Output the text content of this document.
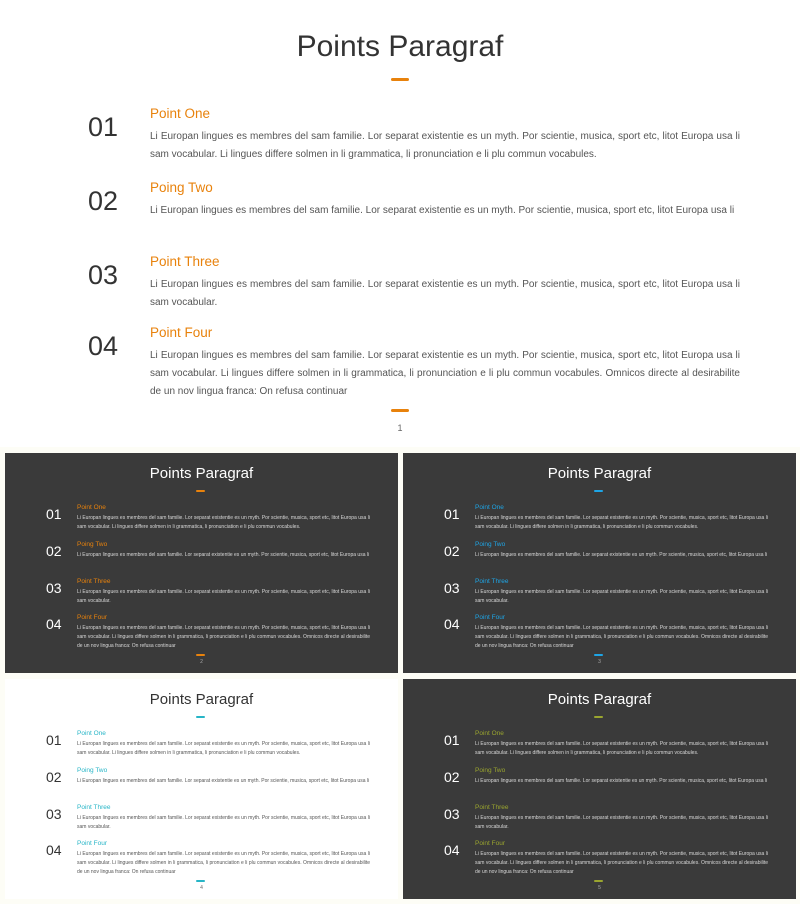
Points Paragraf
01 Point One
Li Europan lingues es membres del sam familie. Lor separat existentie es un myth. Por scientie, musica, sport etc, litot Europa usa li sam vocabular. Li lingues differe solmen in li grammatica, li pronunciation e li plu commun vocabules.
02 Poing Two
Li Europan lingues es membres del sam familie. Lor separat existentie es un myth. Por scientie, musica, sport etc, litot Europa usa li
03 Point Three
Li Europan lingues es membres del sam familie. Lor separat existentie es un myth. Por scientie, musica, sport etc, litot Europa usa li sam vocabular.
04 Point Four
Li Europan lingues es membres del sam familie. Lor separat existentie es un myth. Por scientie, musica, sport etc, litot Europa usa li sam vocabular. Li lingues differe solmen in li grammatica, li pronunciation e li plu commun vocabules. Omnicos directe al desirabilite de un nov lingua franca: On refusa continuar
1
Points Paragraf
01 Point One
Li Europan lingues es membres del sam familie. Lor separat existentie es un myth. Por scientie, musica, sport etc, litot Europa usa li sam vocabular. Li lingues differe solmen in li grammatica, li pronunciation e li plu commun vocabules.
02 Poing Two
Li Europan lingues es membres del sam familie. Lor separat existentie es un myth. Por scientie, musica, sport etc, litot Europa usa li
03 Point Three
Li Europan lingues es membres del sam familie. Lor separat existentie es un myth. Por scientie, musica, sport etc, litot Europa usa li sam vocabular.
04 Point Four
Li Europan lingues es membres del sam familie. Lor separat existentie es un myth. Por scientie, musica, sport etc, litot Europa usa li sam vocabular. Li lingues differe solmen in li grammatica, li pronunciation e li plu commun vocabules. Omnicos directe al desirabilite de un nov lingua franca: On refusa continuar
2
Points Paragraf
01 Point One
Li Europan lingues es membres del sam familie. Lor separat existentie es un myth. Por scientie, musica, sport etc, litot Europa usa li sam vocabular. Li lingues differe solmen in li grammatica, li pronunciation e li plu commun vocabules.
02 Poing Two
Li Europan lingues es membres del sam familie. Lor separat existentie es un myth. Por scientie, musica, sport etc, litot Europa usa li
03 Point Three
Li Europan lingues es membres del sam familie. Lor separat existentie es un myth. Por scientie, musica, sport etc, litot Europa usa li sam vocabular.
04 Point Four
Li Europan lingues es membres del sam familie. Lor separat existentie es un myth. Por scientie, musica, sport etc, litot Europa usa li sam vocabular. Li lingues differe solmen in li grammatica, li pronunciation e li plu commun vocabules. Omnicos directe al desirabilite de un nov lingua franca: On refusa continuar
3
Points Paragraf
01 Point One
Li Europan lingues es membres del sam familie. Lor separat existentie es un myth. Por scientie, musica, sport etc, litot Europa usa li sam vocabular. Li lingues differe solmen in li grammatica, li pronunciation e li plu commun vocabules.
02 Poing Two
Li Europan lingues es membres del sam familie. Lor separat existentie es un myth. Por scientie, musica, sport etc, litot Europa usa li
03 Point Three
Li Europan lingues es membres del sam familie. Lor separat existentie es un myth. Por scientie, musica, sport etc, litot Europa usa li sam vocabular.
04 Point Four
Li Europan lingues es membres del sam familie. Lor separat existentie es un myth. Por scientie, musica, sport etc, litot Europa usa li sam vocabular. Li lingues differe solmen in li grammatica, li pronunciation e li plu commun vocabules. Omnicos directe al desirabilite de un nov lingua franca: On refusa continuar
4
Points Paragraf
01 Point One
Li Europan lingues es membres del sam familie. Lor separat existentie es un myth. Por scientie, musica, sport etc, litot Europa usa li sam vocabular. Li lingues differe solmen in li grammatica, li pronunciation e li plu commun vocabules.
02 Poing Two
Li Europan lingues es membres del sam familie. Lor separat existentie es un myth. Por scientie, musica, sport etc, litot Europa usa li
03 Point Three
Li Europan lingues es membres del sam familie. Lor separat existentie es un myth. Por scientie, musica, sport etc, litot Europa usa li sam vocabular.
04 Point Four
Li Europan lingues es membres del sam familie. Lor separat existentie es un myth. Por scientie, musica, sport etc, litot Europa usa li sam vocabular. Li lingues differe solmen in li grammatica, li pronunciation e li plu commun vocabules. Omnicos directe al desirabilite de un nov lingua franca: On refusa continuar
5
